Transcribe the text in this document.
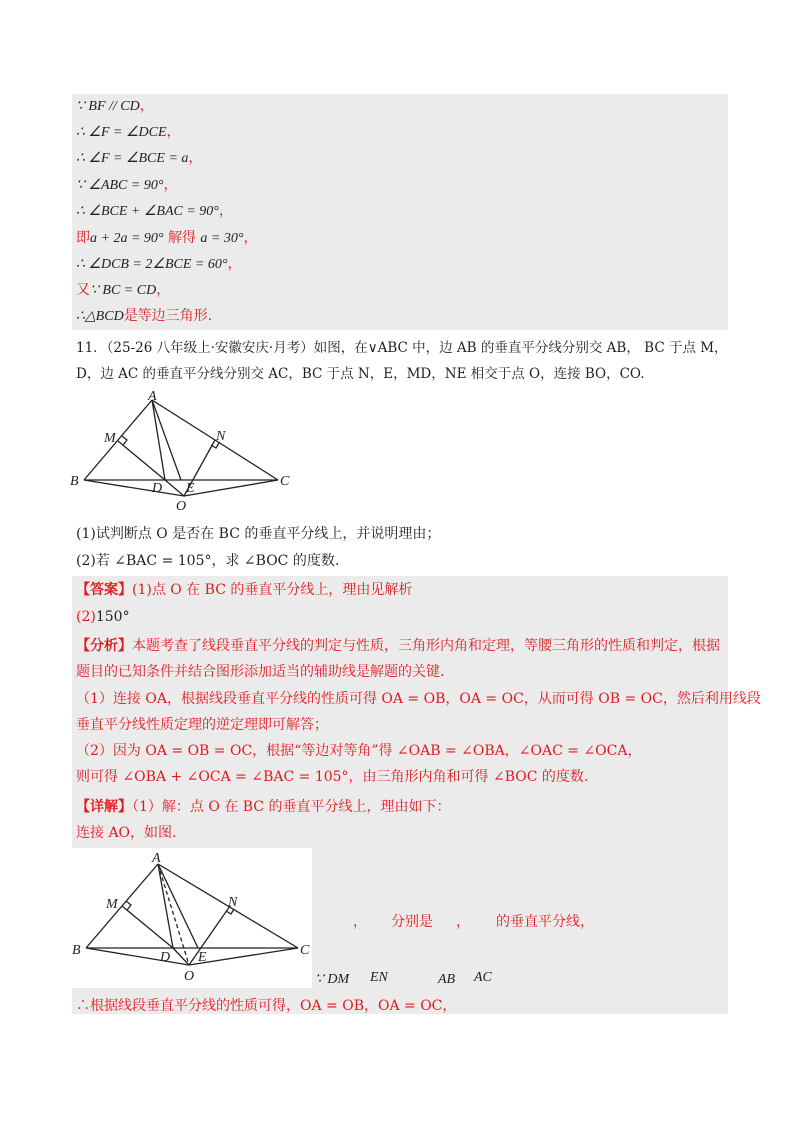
∵ BF // CD，
∴ ∠F = ∠DCE，
∴ ∠F = ∠BCE = a，
∵ ∠ABC = 90°，
∴ ∠BCE + ∠BAC = 90°，
即a + 2a = 90° 解得 a = 30°，
∴ ∠DCB = 2∠BCE = 60°，
又∵ BC = CD，
∴△BCD是等边三角形.
11．（25-26 八年级上·安徽安庆·月考）如图，在∨ABC 中，边 AB 的垂直平分线分别交 AB， BC 于点 M，
D，边 AC 的垂直平分线分别交 AC，BC 于点 N，E，MD，NE 相交于点 O，连接 BO，CO.
A
B	C
M	N
D E
O
(1)试判断点 O 是否在 BC 的垂直平分线上，并说明理由；
(2)若 ∠BAC = 105°，求 ∠BOC 的度数.
【答案】(1)点 O 在 BC 的垂直平分线上，理由见解析
(2)150°
【分析】本题考查了线段垂直平分线的判定与性质，三角形内角和定理，等腰三角形的性质和判定，根据
题目的已知条件并结合图形添加适当的辅助线是解题的关键.
（1）连接 OA，根据线段垂直平分线的性质可得 OA = OB，OA = OC，从而可得 OB = OC，然后利用线段
垂直平分线性质定理的逆定理即可解答；
（2）因为 OA = OB = OC，根据“等边对等角”得 ∠OAB = ∠OBA，∠OAC = ∠OCA，
则可得 ∠OBA + ∠OCA = ∠BAC = 105°，由三角形内角和可得 ∠BOC 的度数.
【详解】（1）解：点 O 在 BC 的垂直平分线上，理由如下：
连接 AO，如图.
A
B	C
M	N
D E
O
， 分别是 ， 的垂直平分线，
∵ DM EN	AB AC
∴根据线段垂直平分线的性质可得，OA = OB，OA = OC，
